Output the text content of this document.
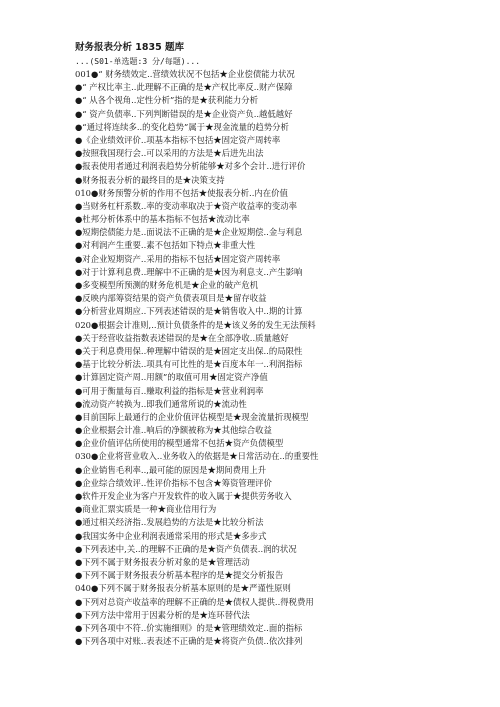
财务报表分析 1835 题库
...(S01-单选题:3 分/每题)...
001●“ 财务绩效定..营绩效状况不包括★企业偿债能力状况
●“ 产权比率主..此理解不正确的是★产权比率反..财产保障
●“ 从各个视角..定性分析”指的是★获利能力分析
●“ 资产负债率..下列判断错误的是★企业资产负..越低越好
●“通过将连续多..的变化趋势”属于★现金流量的趋势分析
●《企业绩效评价..项基本指标不包括★固定资产周转率
●按照我国现行会..可以采用的方法是★后进先出法
●报表使用者通过利润表趋势分析能够★对多个会计..进行评价
●财务报表分析的最终目的是★决策支持
010●财务预警分析的作用不包括★使报表分析..内在价值
●当财务杠杆系数..率的变动率取决于★资产收益率的变动率
●杜邦分析体系中的基本指标不包括★流动比率
●短期偿债能力是..面说法不正确的是★企业短期偿..金与利息
●对利润产生重要..素不包括如下特点★非重大性
●对企业短期资产..采用的指标不包括★固定资产周转率
●对于计算利息费..理解中不正确的是★因为利息支..产生影响
●多变模型所预测的财务危机是★企业的破产危机
●反映内部筹资结果的资产负债表项目是★留存收益
●分析营业周期应..下列表述错误的是★销售收入中..期的计算
020●根据会计准则,..预计负债条件的是★该义务的发生无法预料
●关于经营收益指数表述错误的是★在全部净收..质量越好
●关于利息费用保..种理解中错误的是★固定支出保..的局限性
●基于比较分析法..项具有可比性的是★百度本年一..利润指标
●计算固定资产周..用额”的取值可用★固定资产净值
●可用于衡量每百..赚取利益的指标是★营业利润率
●流动资产转换为..即我们通常所说的★流动性
●目前国际上最通行的企业价值评估模型是★现金流量折现模型
●企业根据会计准..响后的净额被称为★其他综合收益
●企业价值评估所使用的模型通常不包括★资产负债模型
030●企业将营业收入..业务收入的依据是★日常活动在..的重要性
●企业销售毛利率..,最可能的原因是★期间费用上升
●企业综合绩效评..性评价指标不包含★筹资管理评价
●软件开发企业为客户开发软件的收入属于★提供劳务收入
●商业汇票实质是一种★商业信用行为
●通过相关经济指..发展趋势的方法是★比较分析法
●我国实务中企业利润表通常采用的形式是★多步式
●下列表述中,关..的理解不正确的是★资产负债表..润的状况
●下列不属于财务报表分析对象的是★管理活动
●下列不属于财务报表分析基本程序的是★提交分析报告
040●下列不属于财务报表分析基本原则的是★严谨性原则
●下列对总资产收益率的理解不正确的是★债权人提供..得税费用
●下列方法中常用于因素分析的是★连环替代法
●下列各项中不符..价实施细则》的是★管理绩效定..面的指标
●下列各项中对账..表表述不正确的是★将资产负债..依次排列
